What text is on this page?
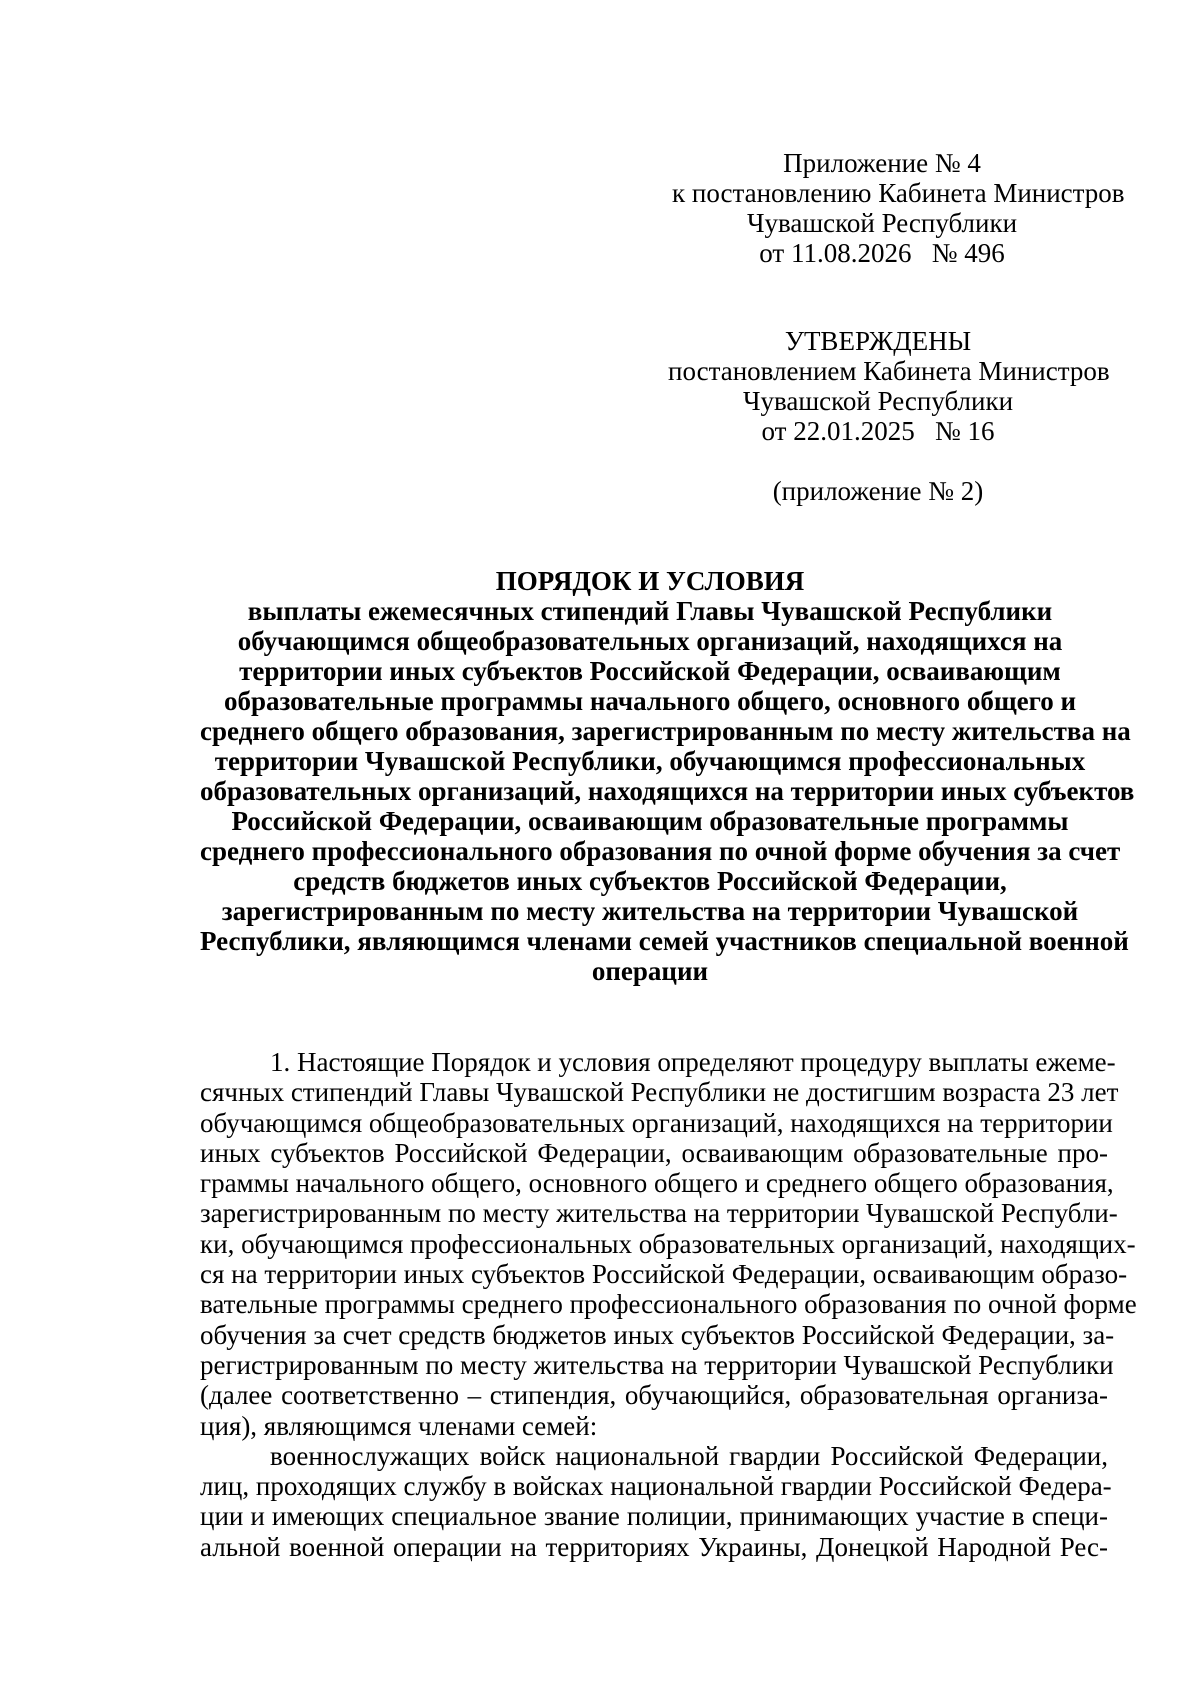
Приложение № 4
к постановлению Кабинета Министров
Чувашской Республики
от 11.08.2026   № 496
УТВЕРЖДЕНЫ
постановлением Кабинета Министров
Чувашской Республики
от 22.01.2025   № 16
(приложение № 2)
ПОРЯДОК И УСЛОВИЯ
выплаты ежемесячных стипендий Главы Чувашской Республики
обучающимся общеобразовательных организаций, находящихся на
территории иных субъектов Российской Федерации, осваивающим
образовательные программы начального общего, основного общего и
среднего общего образования, зарегистрированным по месту жительства на
территории Чувашской Республики, обучающимся профессиональных
образовательных организаций, находящихся на территории иных субъектов
Российской Федерации, осваивающим образовательные программы
среднего профессионального образования по очной форме обучения за счет
средств бюджетов иных субъектов Российской Федерации,
зарегистрированным по месту жительства на территории Чувашской
Республики, являющимся членами семей участников специальной военной
операции
1. Настоящие Порядок и условия определяют процедуру выплаты ежеме-
сячных стипендий Главы Чувашской Республики не достигшим возраста 23 лет
обучающимся общеобразовательных организаций, находящихся на территории
иных субъектов Российской Федерации, осваивающим образовательные про-
граммы начального общего, основного общего и среднего общего образования,
зарегистрированным по месту жительства на территории Чувашской Республи-
ки, обучающимся профессиональных образовательных организаций, находящих-
ся на территории иных субъектов Российской Федерации, осваивающим образо-
вательные программы среднего профессионального образования по очной форме
обучения за счет средств бюджетов иных субъектов Российской Федерации, за-
регистрированным по месту жительства на территории Чувашской Республики
(далее соответственно – стипендия, обучающийся, образовательная организа-
ция), являющимся членами семей:
военнослужащих войск национальной гвардии Российской Федерации,
лиц, проходящих службу в войсках национальной гвардии Российской Федера-
ции и имеющих специальное звание полиции, принимающих участие в специ-
альной военной операции на территориях Украины, Донецкой Народной Рес-
